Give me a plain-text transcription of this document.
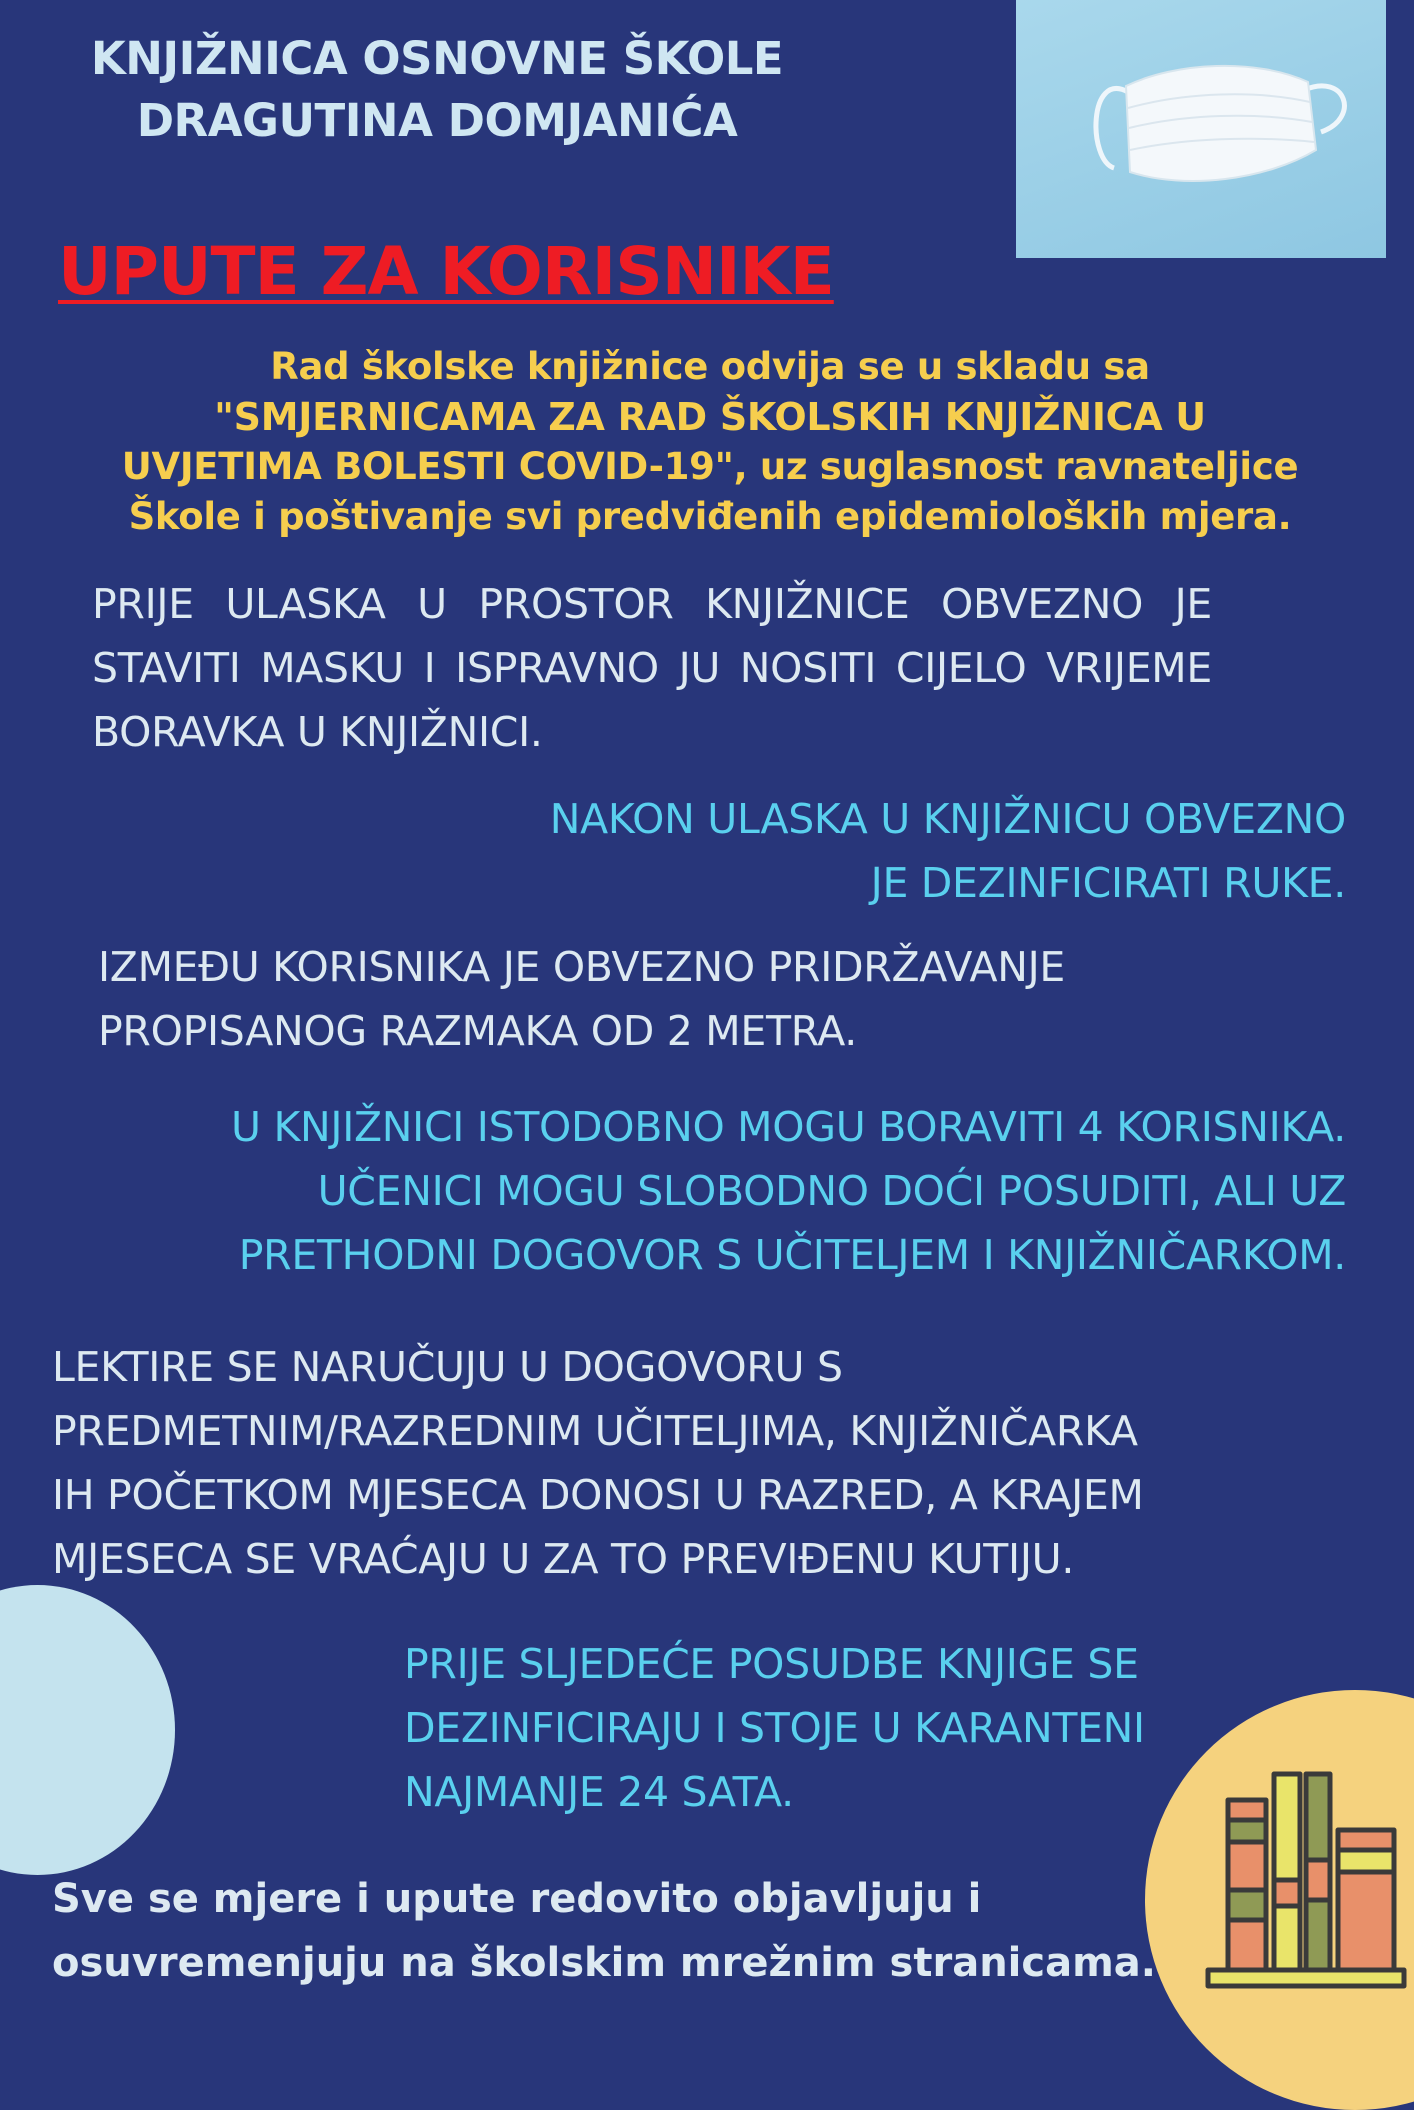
KNJIŽNICA OSNOVNE ŠKOLE
DRAGUTINA DOMJANIĆA
UPUTE ZA KORISNIKE
Rad školske knjižnice odvija se u skladu sa
"SMJERNICAMA ZA RAD ŠKOLSKIH KNJIŽNICA U
UVJETIMA BOLESTI COVID-19", uz suglasnost ravnateljice
Škole i poštivanje svi predviđenih epidemioloških mjera.
PRIJE ULASKA U PROSTOR KNJIŽNICE OBVEZNO JE STAVITI MASKU I ISPRAVNO JU NOSITI CIJELO VRIJEME BORAVKA U KNJIŽNICI.
NAKON ULASKA U KNJIŽNICU OBVEZNO
JE DEZINFICIRATI RUKE.
IZMEĐU KORISNIKA JE OBVEZNO PRIDRŽAVANJE
PROPISANOG RAZMAKA OD 2 METRA.
U KNJIŽNICI ISTODOBNO MOGU BORAVITI 4 KORISNIKA.
UČENICI MOGU SLOBODNO DOĆI POSUDITI, ALI UZ
PRETHODNI DOGOVOR S UČITELJEM I KNJIŽNIČARKOM.
LEKTIRE SE NARUČUJU U DOGOVORU S
PREDMETNIM/RAZREDNIM UČITELJIMA, KNJIŽNIČARKA
IH POČETKOM MJESECA DONOSI U RAZRED, A KRAJEM
MJESECA SE VRAĆAJU U ZA TO PREVIĐENU KUTIJU.
PRIJE SLJEDEĆE POSUDBE KNJIGE SE
DEZINFICIRAJU I STOJE U KARANTENI
NAJMANJE 24 SATA.
Sve se mjere i upute redovito objavljuju i
osuvremenjuju na školskim mrežnim stranicama.
